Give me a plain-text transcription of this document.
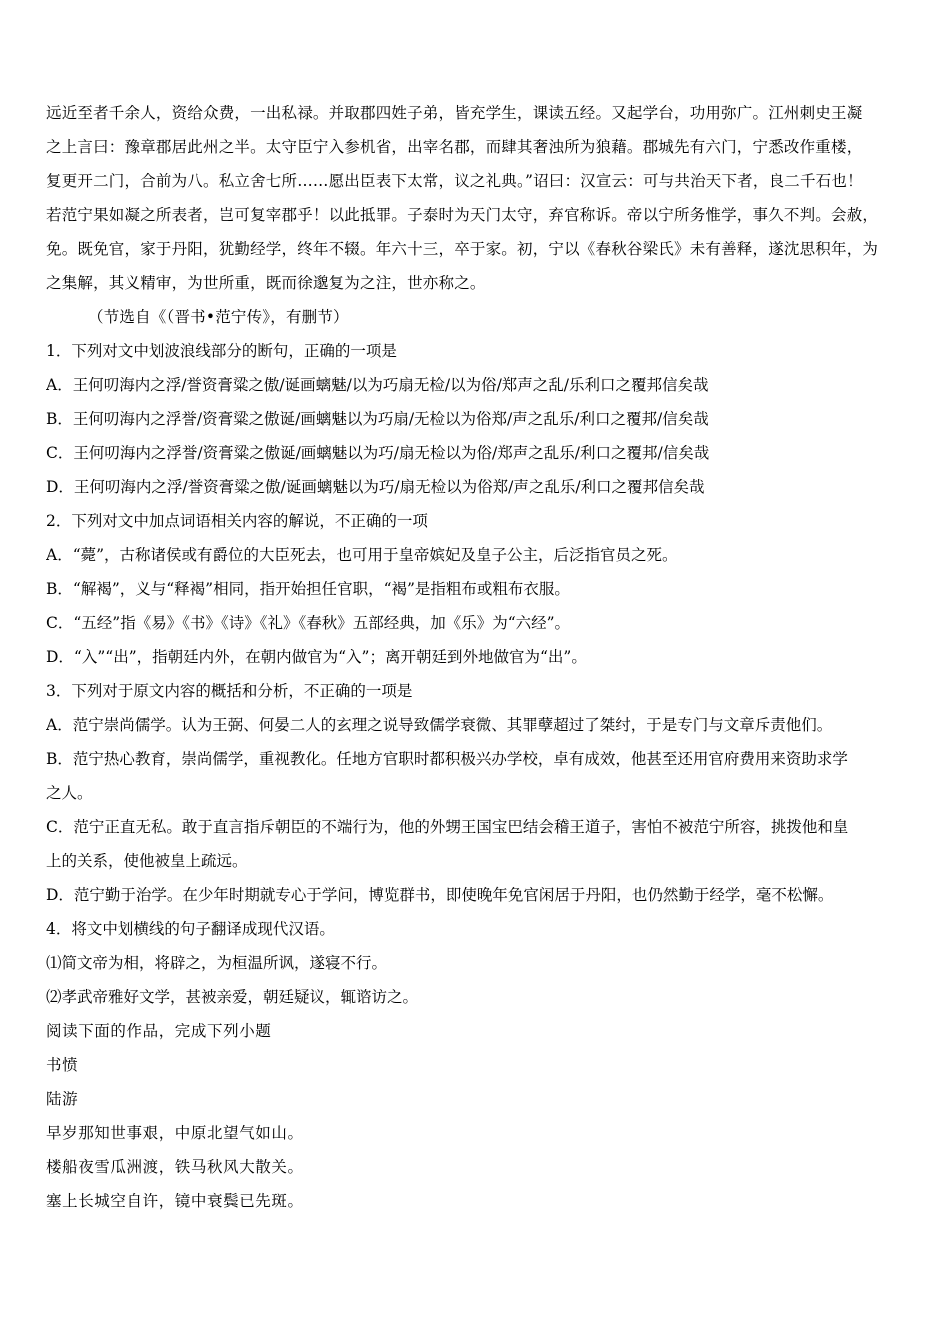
远近至者千余人，资给众费，一出私禄。并取郡四姓子弟，皆充学生，课读五经。又起学台，功用弥广。江州刺史王凝
之上言曰：豫章郡居此州之半。太守臣宁入参机省，出宰名郡，而肆其奢浊所为狼藉。郡城先有六门，宁悉改作重楼，
复更开二门，合前为八。私立舍七所……愿出臣表下太常，议之礼典。”诏曰：汉宣云：可与共治天下者，良二千石也！
若范宁果如凝之所表者，岂可复宰郡乎！以此抵罪。子泰时为天门太守，弃官称诉。帝以宁所务惟学，事久不判。会赦，
免。既免官，家于丹阳，犹勤经学，终年不辍。年六十三，卒于家。初，宁以《春秋谷梁氏》未有善释，遂沈思积年，为
之集解，其义精审，为世所重，既而徐邈复为之注，世亦称之。
（节选自《（晋书•范宁传》，有删节）
1．下列对文中划波浪线部分的断句，正确的一项是
A．王何叨海内之浮/誉资膏粱之傲/诞画螭魅/以为巧扇无检/以为俗/郑声之乱/乐利口之覆邦信矣哉
B．王何叨海内之浮誉/资膏粱之傲诞/画螭魅以为巧扇/无检以为俗郑/声之乱乐/利口之覆邦/信矣哉
C．王何叨海内之浮誉/资膏粱之傲诞/画螭魅以为巧/扇无检以为俗/郑声之乱乐/利口之覆邦/信矣哉
D．王何叨海内之浮/誉资膏粱之傲/诞画螭魅以为巧/扇无检以为俗郑/声之乱乐/利口之覆邦信矣哉
2．下列对文中加点词语相关内容的解说，不正确的一项
A．“薨”，古称诸侯或有爵位的大臣死去，也可用于皇帝嫔妃及皇子公主，后泛指官员之死。
B．“解褐”，义与“释褐”相同，指开始担任官职，“褐”是指粗布或粗布衣服。
C．“五经”指《易》《书》《诗》《礼》《春秋》五部经典，加《乐》为“六经”。
D．“入”“出”，指朝廷内外，在朝内做官为“入”；离开朝廷到外地做官为“出”。
3．下列对于原文内容的概括和分析，不正确的一项是
A．范宁崇尚儒学。认为王弼、何晏二人的玄理之说导致儒学衰微、其罪孽超过了桀纣，于是专门与文章斥责他们。
B．范宁热心教育，崇尚儒学，重视教化。任地方官职时都积极兴办学校，卓有成效，他甚至还用官府费用来资助求学
之人。
C．范宁正直无私。敢于直言指斥朝臣的不端行为，他的外甥王国宝巴结会稽王道子，害怕不被范宁所容，挑拨他和皇
上的关系，使他被皇上疏远。
D．范宁勤于治学。在少年时期就专心于学问，博览群书，即使晚年免官闲居于丹阳，也仍然勤于经学，毫不松懈。
4．将文中划横线的句子翻译成现代汉语。
⑴简文帝为相，将辟之，为桓温所讽，遂寝不行。
⑵孝武帝雅好文学，甚被亲爱，朝廷疑议，辄谘访之。
阅读下面的作品，完成下列小题
书愤
陆游
早岁那知世事艰，中原北望气如山。
楼船夜雪瓜洲渡，铁马秋风大散关。
塞上长城空自许，镜中衰鬓已先斑。
